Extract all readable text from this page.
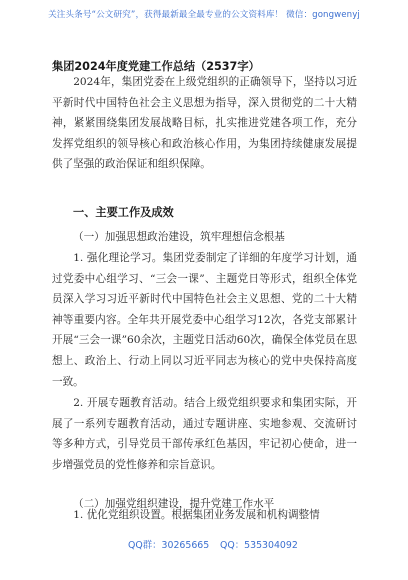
关注头条号“公文研究”，获得最新最全最专业的公文资料库！ 微信：gongwenyj
集团2024年度党建工作总结（2537字）

2024年，集团党委在上级党组织的正确领导下，坚持以习近平新时代中国特色社会主义思想为指导，深入贯彻党的二十大精神，紧紧围绕集团发展战略目标，扎实推进党建各项工作，充分发挥党组织的领导核心和政治核心作用，为集团持续健康发展提供了坚强的政治保证和组织保障。

一、主要工作及成效
（一）加强思想政治建设，筑牢理想信念根基

1. 强化理论学习。集团党委制定了详细的年度学习计划，通过党委中心组学习、“三会一课”、主题党日等形式，组织全体党员深入学习习近平新时代中国特色社会主义思想、党的二十大精神等重要内容。全年共开展党委中心组学习12次，各党支部累计开展“三会一课”60余次，主题党日活动60次，确保全体党员在思想上、政治上、行动上同以习近平同志为核心的党中央保持高度一致。

2. 开展专题教育活动。结合上级党组织要求和集团实际，开展了一系列专题教育活动，通过专题讲座、实地参观、交流研讨等多种方式，引导党员干部传承红色基因，牢记初心使命，进一步增强党员的党性修养和宗旨意识。

（二）加强党组织建设，提升党建工作水平

1. 优化党组织设置。根据集团业务发展和机构调整情

QQ群：30265665 QQ：535304092
